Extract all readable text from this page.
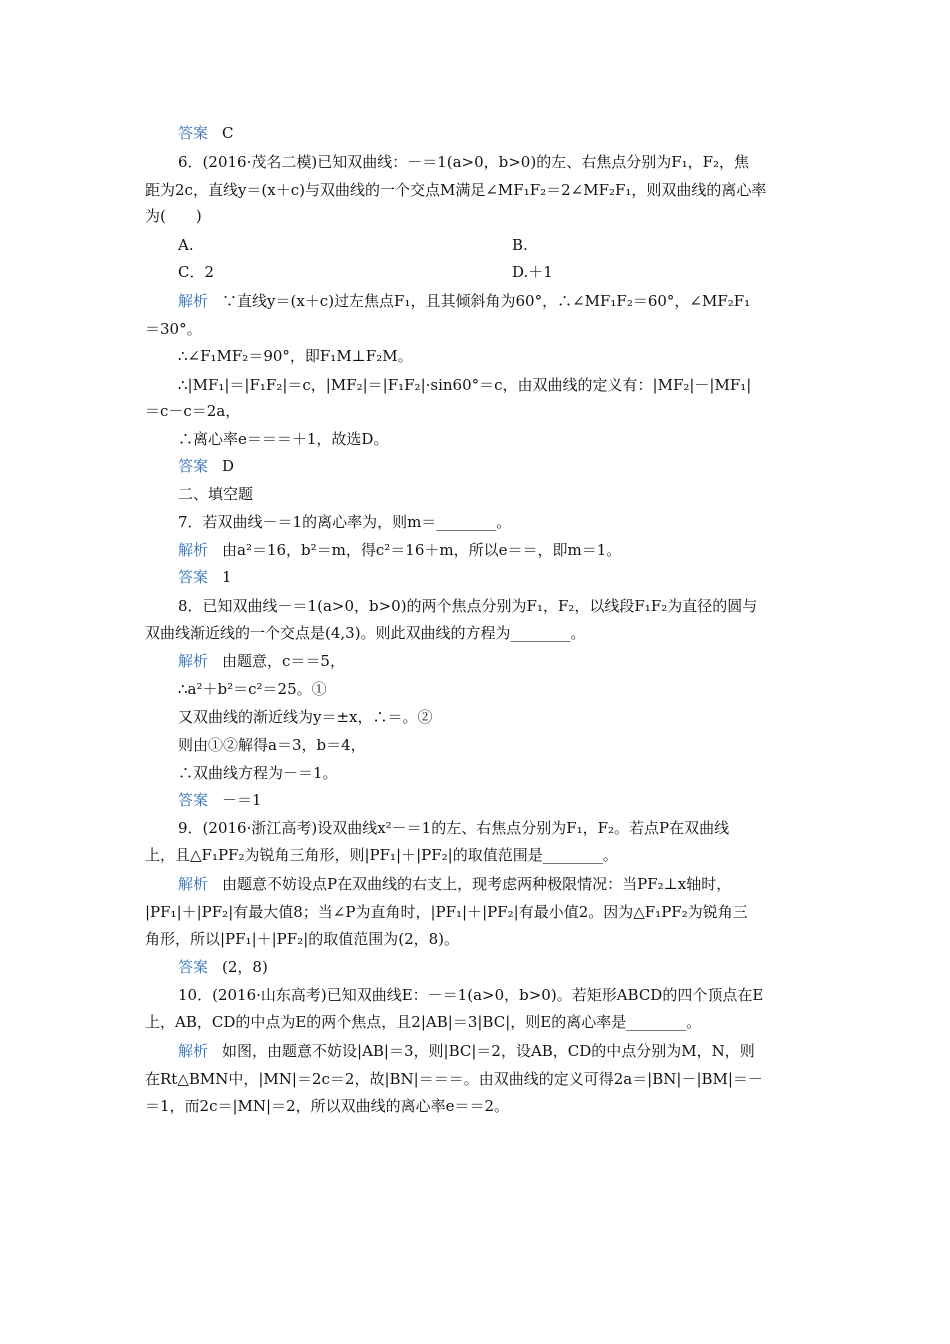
答案 C
6．(2016·茂名二模)已知双曲线：－＝1(a>0，b>0)的左、右焦点分别为F₁，F₂，焦
距为2c，直线y＝(x＋c)与双曲线的一个交点M满足∠MF₁F₂＝2∠MF₂F₁，则双曲线的离心率
为(　　)
A.	B.
C．2	D.＋1
解析 ∵直线y＝(x＋c)过左焦点F₁，且其倾斜角为60°，∴∠MF₁F₂＝60°，∠MF₂F₁
＝30°。
∴∠F₁MF₂＝90°，即F₁M⊥F₂M。
∴|MF₁|＝|F₁F₂|＝c，|MF₂|＝|F₁F₂|·sin60°＝c，由双曲线的定义有：|MF₂|－|MF₁|
＝c－c＝2a，
∴离心率e＝＝＝＋1，故选D。
答案 D
二、填空题
7．若双曲线－＝1的离心率为，则m＝________。
解析 由a²＝16，b²＝m，得c²＝16＋m，所以e＝＝，即m＝1。
答案 1
8．已知双曲线－＝1(a>0，b>0)的两个焦点分别为F₁，F₂，以线段F₁F₂为直径的圆与
双曲线渐近线的一个交点是(4,3)。则此双曲线的方程为________。
解析 由题意，c＝＝5，
∴a²＋b²＝c²＝25。①
又双曲线的渐近线为y＝±x，∴＝。②
则由①②解得a＝3，b＝4，
∴双曲线方程为－＝1。
答案 －＝1
9．(2016·浙江高考)设双曲线x²－＝1的左、右焦点分别为F₁，F₂。若点P在双曲线
上，且△F₁PF₂为锐角三角形，则|PF₁|＋|PF₂|的取值范围是________。
解析 由题意不妨设点P在双曲线的右支上，现考虑两种极限情况：当PF₂⊥x轴时，
|PF₁|＋|PF₂|有最大值8；当∠P为直角时，|PF₁|＋|PF₂|有最小值2。因为△F₁PF₂为锐角三
角形，所以|PF₁|＋|PF₂|的取值范围为(2，8)。
答案 (2，8)
10．(2016·山东高考)已知双曲线E：－＝1(a>0，b>0)。若矩形ABCD的四个顶点在E
上，AB，CD的中点为E的两个焦点，且2|AB|＝3|BC|，则E的离心率是________。
解析 如图，由题意不妨设|AB|＝3，则|BC|＝2，设AB，CD的中点分别为M，N，则
在Rt△BMN中，|MN|＝2c＝2，故|BN|＝＝＝。由双曲线的定义可得2a＝|BN|－|BM|＝－
＝1，而2c＝|MN|＝2，所以双曲线的离心率e＝＝2。
